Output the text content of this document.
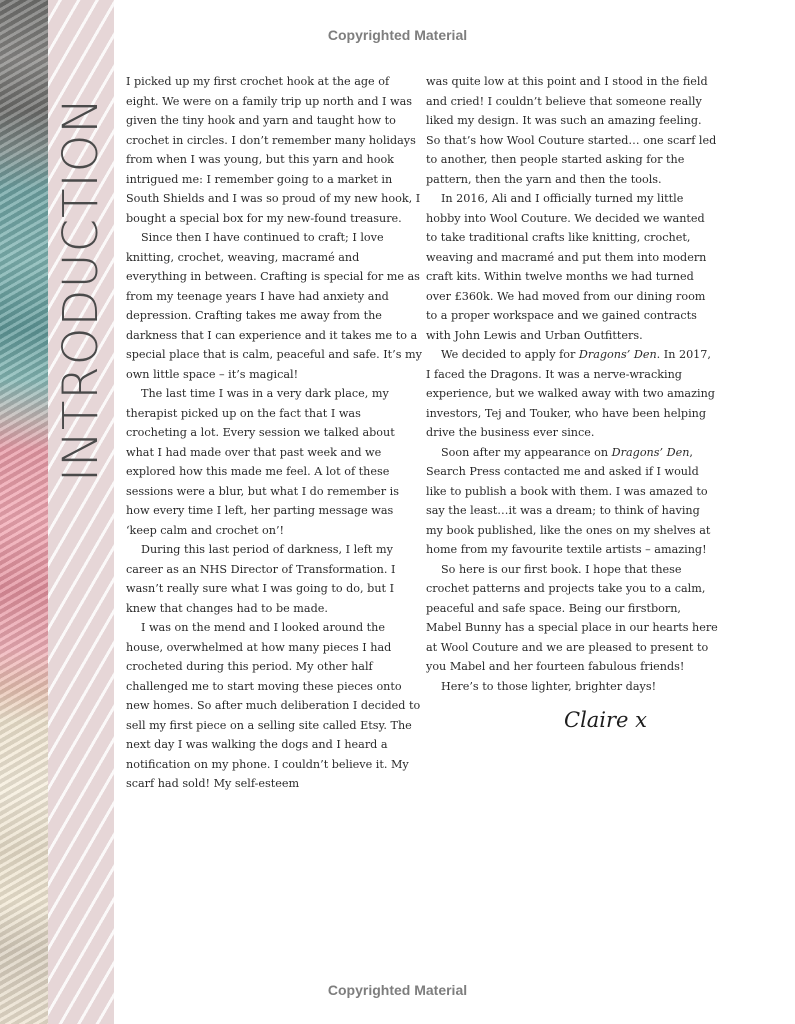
INTRODUCTION
Copyrighted Material

I picked up my first crochet hook at the age of eight. We were on a family trip up north and I was given the tiny hook and yarn and taught how to crochet in circles. I don’t remember many holidays from when I was young, but this yarn and hook intrigued me: I remember going to a market in South Shields and I was so proud of my new hook, I bought a special box for my new-found treasure.

Since then I have continued to craft; I love knitting, crochet, weaving, macramé and everything in between. Crafting is special for me as from my teenage years I have had anxiety and depression. Crafting takes me away from the darkness that I can experience and it takes me to a special place that is calm, peaceful and safe. It’s my own little space – it’s magical!

The last time I was in a very dark place, my therapist picked up on the fact that I was crocheting a lot. Every session we talked about what I had made over that past week and we explored how this made me feel. A lot of these sessions were a blur, but what I do remember is how every time I left, her parting message was ‘keep calm and crochet on’!

During this last period of darkness, I left my career as an NHS Director of Transformation. I wasn’t really sure what I was going to do, but I knew that changes had to be made.

I was on the mend and I looked around the house, overwhelmed at how many pieces I had crocheted during this period. My other half challenged me to start moving these pieces onto new homes. So after much deliberation I decided to sell my first piece on a selling site called Etsy. The next day I was walking the dogs and I heard a notification on my phone. I couldn’t believe it. My scarf had sold! My self-esteem

was quite low at this point and I stood in the field and cried! I couldn’t believe that someone really liked my design. It was such an amazing feeling. So that’s how Wool Couture started… one scarf led to another, then people started asking for the pattern, then the yarn and then the tools.

In 2016, Ali and I officially turned my little hobby into Wool Couture. We decided we wanted to take traditional crafts like knitting, crochet, weaving and macramé and put them into modern craft kits. Within twelve months we had turned over £360k. We had moved from our dining room to a proper workspace and we gained contracts with John Lewis and Urban Outfitters.

We decided to apply for Dragons’ Den. In 2017, I faced the Dragons. It was a nerve-wracking experience, but we walked away with two amazing investors, Tej and Touker, who have been helping drive the business ever since.

Soon after my appearance on Dragons’ Den, Search Press contacted me and asked if I would like to publish a book with them. I was amazed to say the least…it was a dream; to think of having my book published, like the ones on my shelves at home from my favourite textile artists – amazing!

So here is our first book. I hope that these crochet patterns and projects take you to a calm, peaceful and safe space. Being our firstborn, Mabel Bunny has a special place in our hearts here at Wool Couture and we are pleased to present to you Mabel and her fourteen fabulous friends!

Here’s to those lighter, brighter days!

Claire x
Copyrighted Material
